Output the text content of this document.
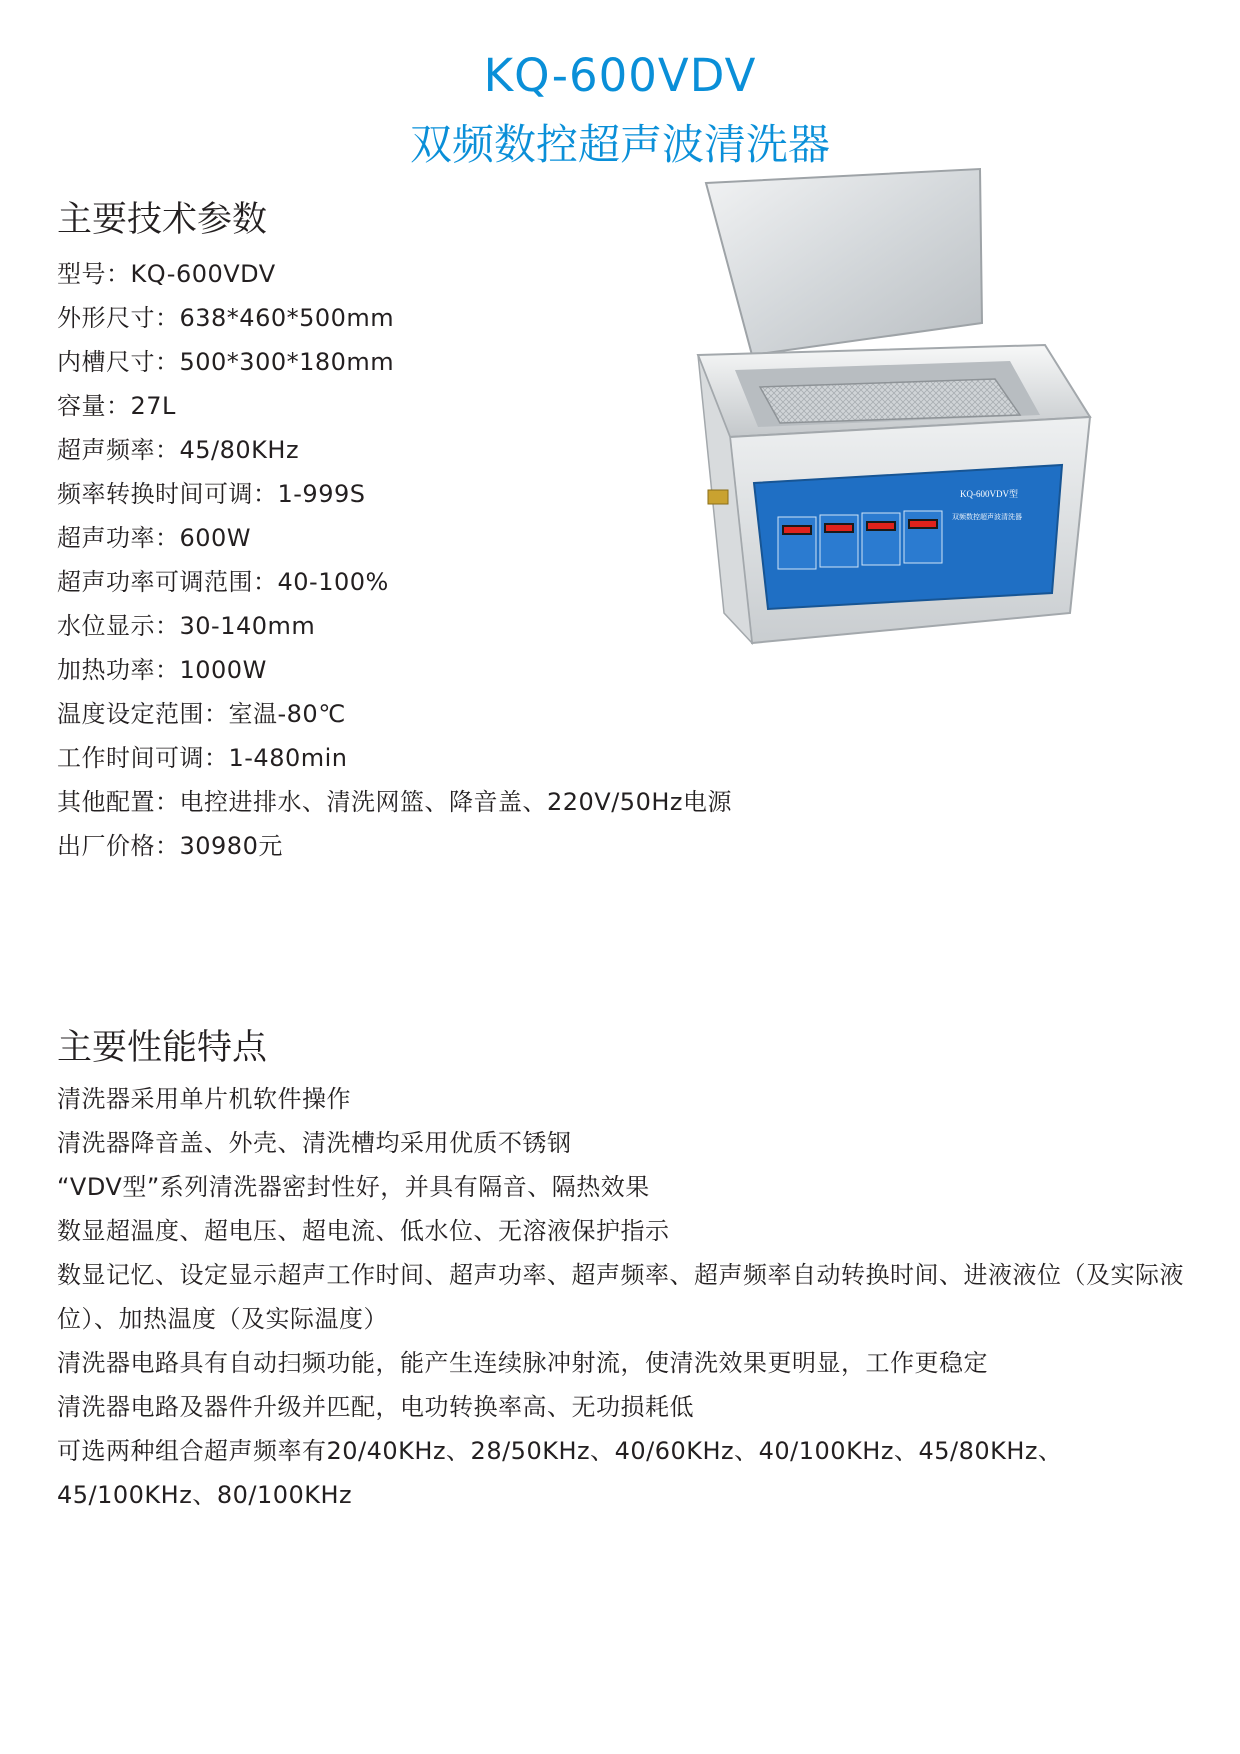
KQ-600VDV
双频数控超声波清洗器
主要技术参数
型号：KQ-600VDV
外形尺寸：638*460*500mm
内槽尺寸：500*300*180mm
容量：27L
超声频率：45/80KHz
频率转换时间可调：1-999S
超声功率：600W
超声功率可调范围：40-100%
水位显示：30-140mm
加热功率：1000W
温度设定范围：室温-80℃
工作时间可调：1-480min
其他配置：电控进排水、清洗网篮、降音盖、220V/50Hz电源
出厂价格：30980元
KQ-600VDV型
双频数控超声波清洗器
主要性能特点
清洗器采用单片机软件操作
清洗器降音盖、外壳、清洗槽均采用优质不锈钢
“VDV型”系列清洗器密封性好，并具有隔音、隔热效果
数显超温度、超电压、超电流、低水位、无溶液保护指示
数显记忆、设定显示超声工作时间、超声功率、超声频率、超声频率自动转换时间、进液液位（及实际液位）、加热温度（及实际温度）
清洗器电路具有自动扫频功能，能产生连续脉冲射流，使清洗效果更明显，工作更稳定
清洗器电路及器件升级并匹配，电功转换率高、无功损耗低
可选两种组合超声频率有20/40KHz、28/50KHz、40/60KHz、40/100KHz、45/80KHz、45/100KHz、80/100KHz
